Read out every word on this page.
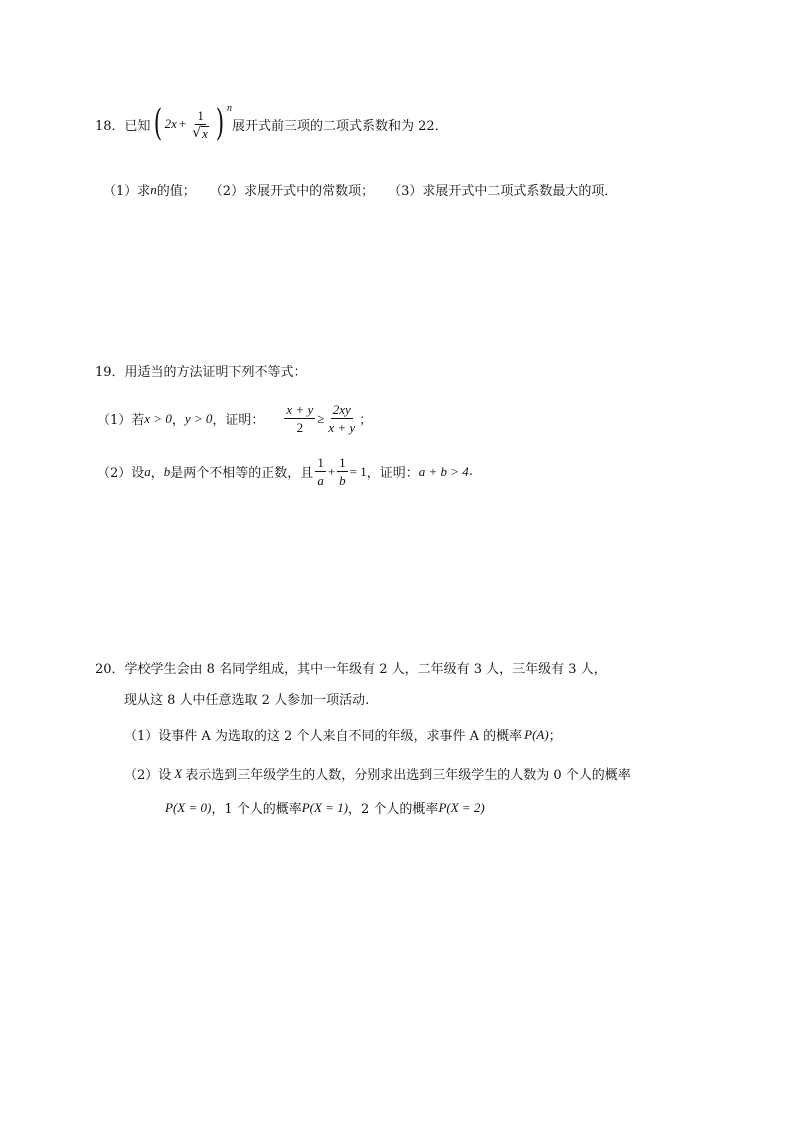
18．已知 ( $2x + \frac{1}{√ x}$ ) n
展开式前三项的二项式系数和为 22．
（1）求 n 的值； （2）求展开式中的常数项； （3）求展开式中二项式系数最大的项．
19．用适当的方法证明下列不等式：
（1）若 x > 0 ， y > 0 ，证明： $\frac{x + y}{2} \ge \frac{2xy}{x + y}$ ；
（2）设 a ， b 是两个不相等的正数，且 $\frac{1}{a} + \frac{1}{b} = 1$ ，证明： a + b > 4 .
20．学校学生会由 8 名同学组成，其中一年级有 2 人，二年级有 3 人，三年级有 3 人，
现从这 8 人中任意选取 2 人参加一项活动.
（1）设事件 A 为选取的这 2 个人来自不同的年级，求事件 A 的概率 P(A) ；
（2）设 X 表示选到三年级学生的人数，分别求出选到三年级学生的人数为 0 个人的概率
P(X = 0) ，1 个人的概率 P(X = 1) ，2 个人的概率 P(X = 2)
